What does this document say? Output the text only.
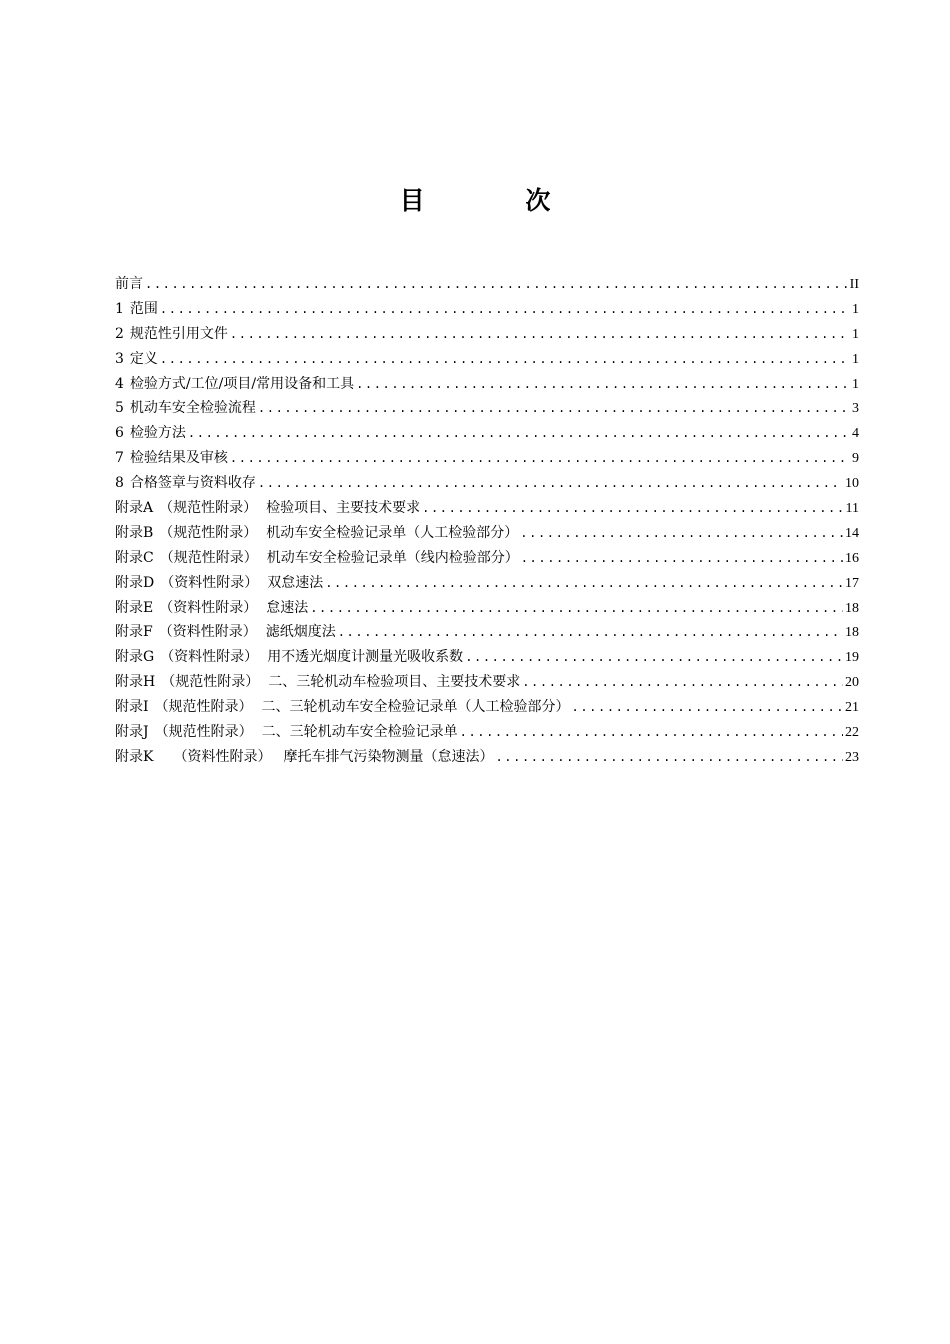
目 次
前言 .....	II
1 范围 .....	1
2 规范性引用文件 .....	1
3 定义 .....	1
4 检验方式/工位/项目/常用设备和工具 .....	1
5 机动车安全检验流程 .....	3
6 检验方法 .....	4
7 检验结果及审核 .....	9
8 合格签章与资料收存 .....	10
附录A （规范性附录） 检验项目、主要技术要求 .....	11
附录B （规范性附录） 机动车安全检验记录单（人工检验部分） .....	14
附录C （规范性附录） 机动车安全检验记录单（线内检验部分） .....	16
附录D （资料性附录） 双怠速法 .....	17
附录E （资料性附录） 怠速法 .....	18
附录F （资料性附录） 滤纸烟度法 .....	18
附录G （资料性附录） 用不透光烟度计测量光吸收系数 .....	19
附录H （规范性附录） 二、三轮机动车检验项目、主要技术要求 .....	20
附录I （规范性附录） 二、三轮机动车安全检验记录单（人工检验部分） .....	21
附录J （规范性附录） 二、三轮机动车安全检验记录单 .....	22
附录K （资料性附录） 摩托车排气污染物测量（怠速法） .....	23
